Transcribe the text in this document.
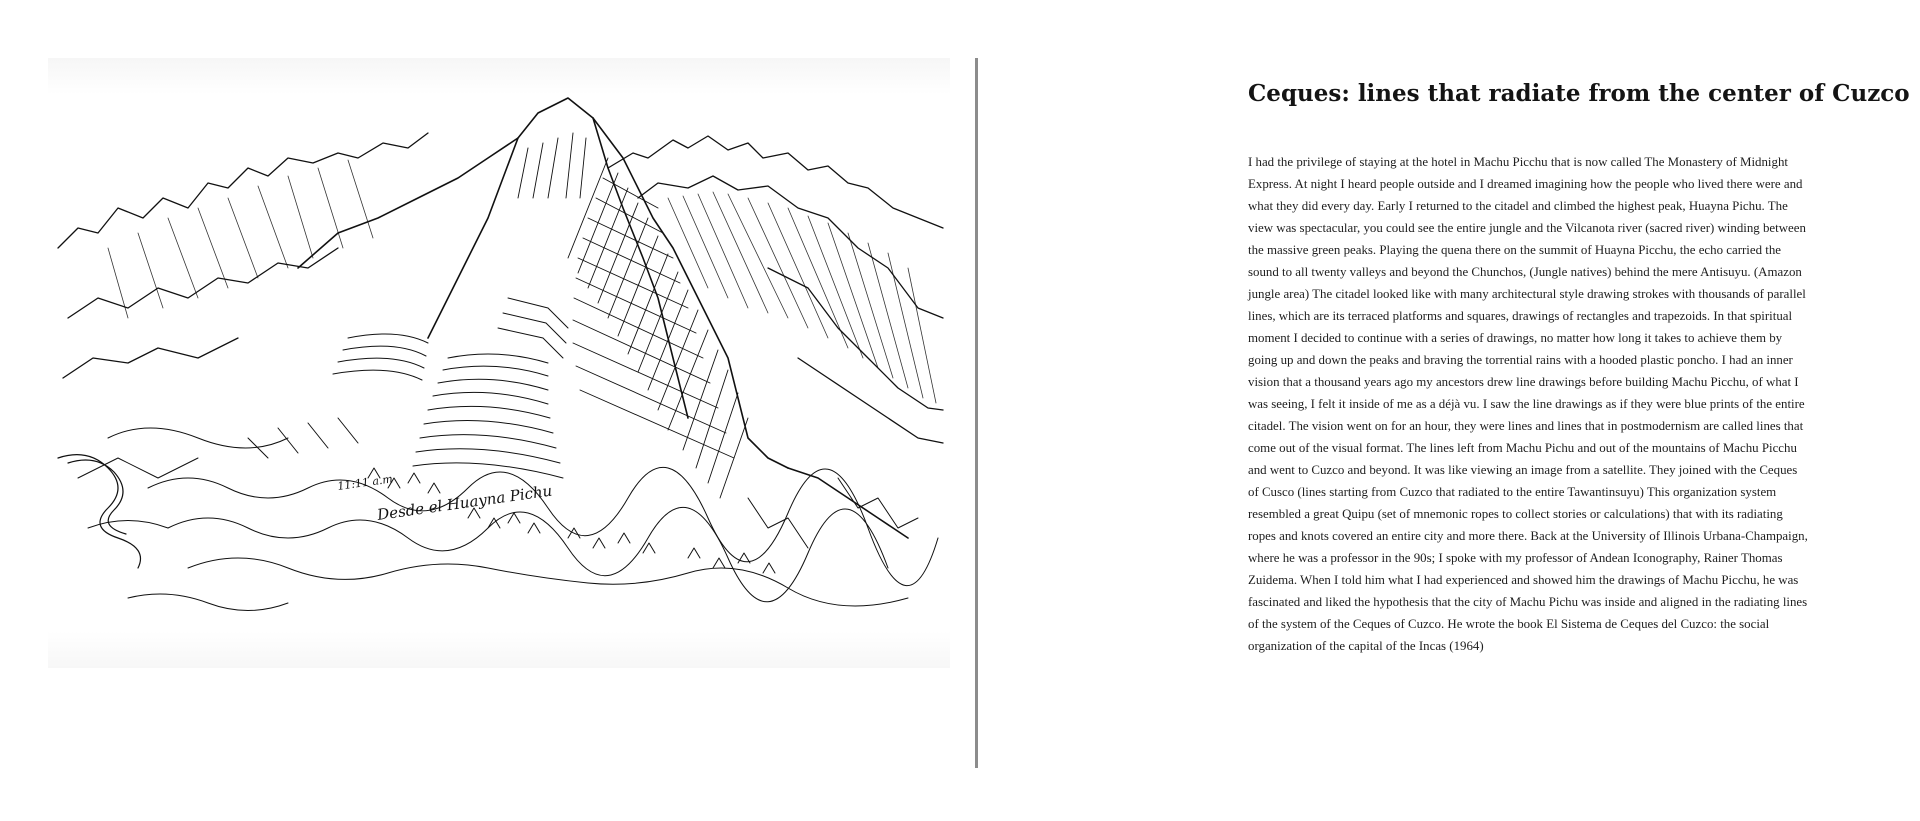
Desde el Huayna Pichu
11:11 a.m
Ceques: lines that radiate from the center of Cuzco

I had the privilege of staying at the hotel in Machu Picchu that is now called The Monastery of Midnight Express. At night I heard people outside and I dreamed imagining how the people who lived there were and what they did every day. Early I returned to the citadel and climbed the highest peak, Huayna Pichu. The view was spectacular, you could see the entire jungle and the Vilcanota river (sacred river) winding between the massive green peaks. Playing the quena there on the summit of Huayna Picchu, the echo carried the sound to all twenty valleys and beyond the Chunchos, (Jungle natives) behind the mere Antisuyu. (Amazon jungle area) The citadel looked like with many architectural style drawing strokes with thousands of parallel lines, which are its terraced platforms and squares, drawings of rectangles and trapezoids. In that spiritual moment I decided to continue with a series of drawings, no matter how long it takes to achieve them by going up and down the peaks and braving the torrential rains with a hooded plastic poncho. I had an inner vision that a thousand years ago my ancestors drew line drawings before building Machu Picchu, of what I was seeing, I felt it inside of me as a déjà vu. I saw the line drawings as if they were blue prints of the entire citadel. The vision went on for an hour, they were lines and lines that in postmodernism are called lines that come out of the visual format. The lines left from Machu Pichu and out of the mountains of Machu Picchu and went to Cuzco and beyond. It was like viewing an image from a satellite. They joined with the Ceques of Cusco (lines starting from Cuzco that radiated to the entire Tawantinsuyu) This organization system resembled a great Quipu (set of mnemonic ropes to collect stories or calculations) that with its radiating ropes and knots covered an entire city and more there. Back at the University of Illinois Urbana-Champaign, where he was a professor in the 90s; I spoke with my professor of Andean Iconography, Rainer Thomas Zuidema. When I told him what I had experienced and showed him the drawings of Machu Picchu, he was fascinated and liked the hypothesis that the city of Machu Pichu was inside and aligned in the radiating lines of the system of the Ceques of Cuzco. He wrote the book El Sistema de Ceques del Cuzco: the social organization of the capital of the Incas (1964)
